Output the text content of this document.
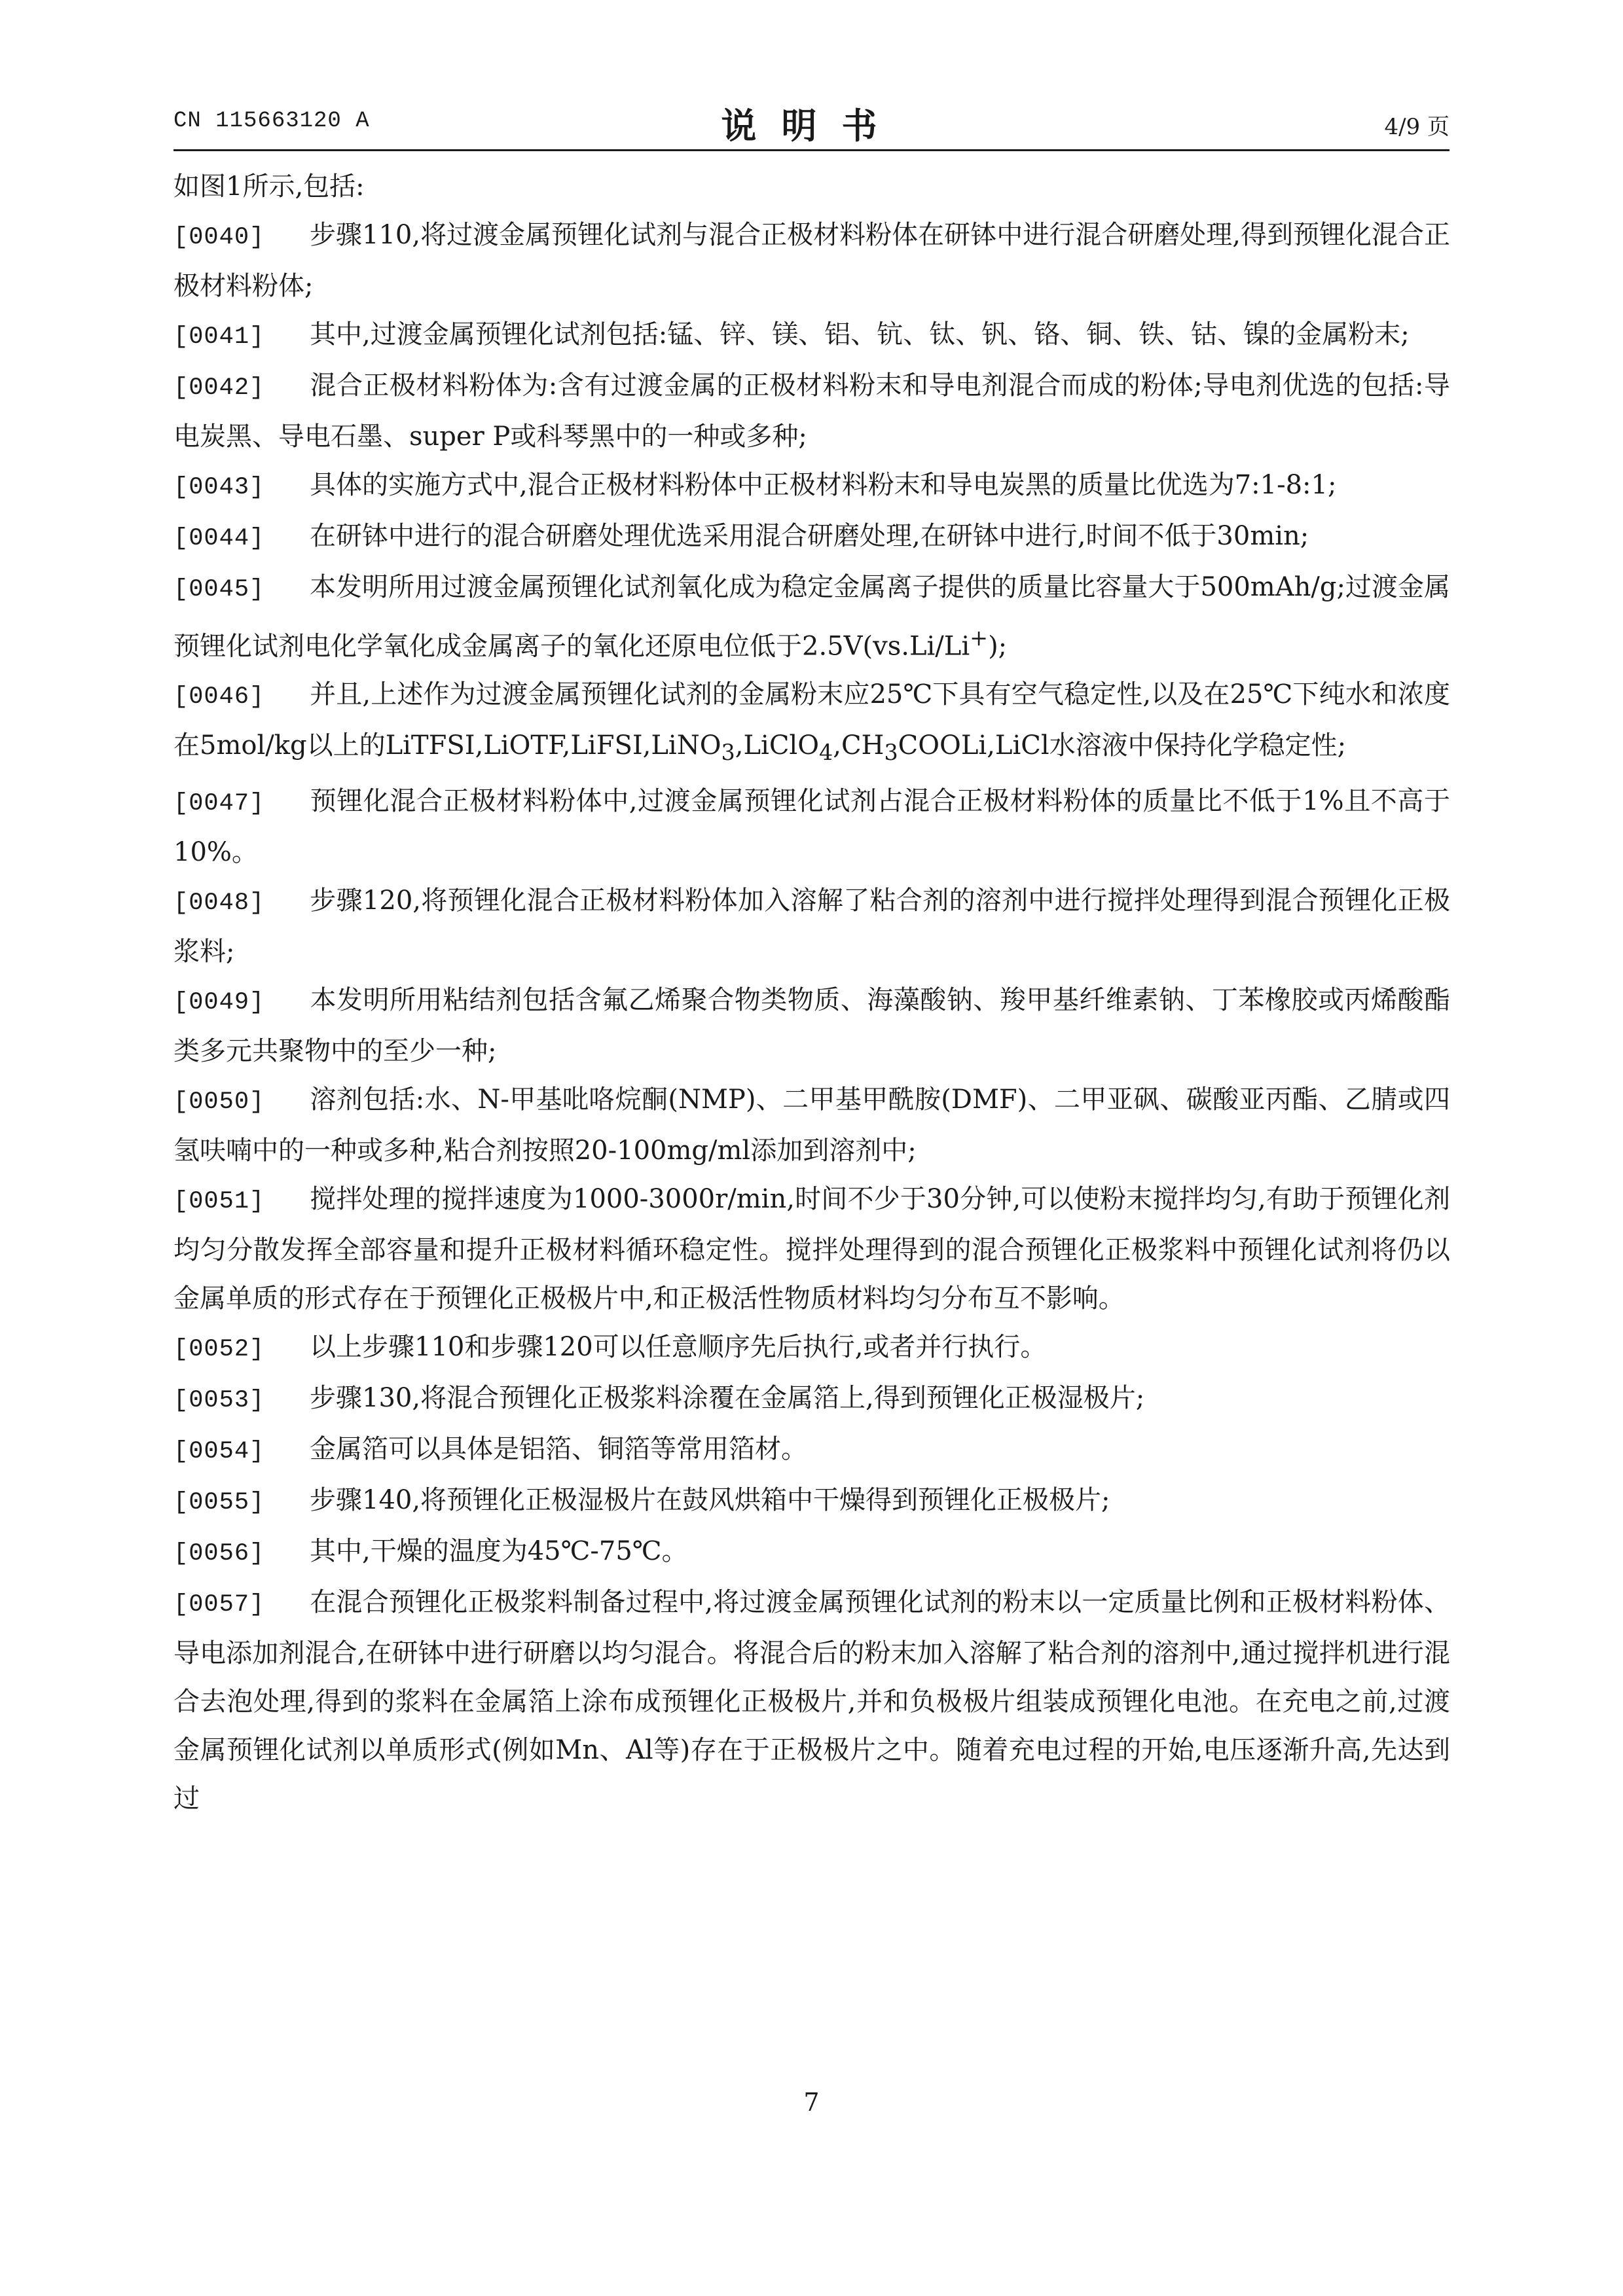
CN 115663120 A	说明书	4/9 页

如图1所示,包括:

[0040] 步骤110,将过渡金属预锂化试剂与混合正极材料粉体在研钵中进行混合研磨处理,得到预锂化混合正极材料粉体;

[0041] 其中,过渡金属预锂化试剂包括:锰、锌、镁、铝、钪、钛、钒、铬、铜、铁、钴、镍的金属粉末;

[0042] 混合正极材料粉体为:含有过渡金属的正极材料粉末和导电剂混合而成的粉体;导电剂优选的包括:导电炭黑、导电石墨、super P或科琴黑中的一种或多种;

[0043] 具体的实施方式中,混合正极材料粉体中正极材料粉末和导电炭黑的质量比优选为7:1-8:1;

[0044] 在研钵中进行的混合研磨处理优选采用混合研磨处理,在研钵中进行,时间不低于30min;

[0045] 本发明所用过渡金属预锂化试剂氧化成为稳定金属离子提供的质量比容量大于500mAh/g;过渡金属预锂化试剂电化学氧化成金属离子的氧化还原电位低于2.5V(vs.Li/Li+);

[0046] 并且,上述作为过渡金属预锂化试剂的金属粉末应25℃下具有空气稳定性,以及在25℃下纯水和浓度在5mol/kg以上的$LiTFSI,LiOTF,LiFSI,LiNO_3,LiClO_4,CH_3COOLi,LiCl$水溶液中保持化学稳定性;

[0047] 预锂化混合正极材料粉体中,过渡金属预锂化试剂占混合正极材料粉体的质量比不低于1%且不高于10%。

[0048] 步骤120,将预锂化混合正极材料粉体加入溶解了粘合剂的溶剂中进行搅拌处理得到混合预锂化正极浆料;

[0049] 本发明所用粘结剂包括含氟乙烯聚合物类物质、海藻酸钠、羧甲基纤维素钠、丁苯橡胶或丙烯酸酯类多元共聚物中的至少一种;

[0050] 溶剂包括:水、N-甲基吡咯烷酮(NMP)、二甲基甲酰胺(DMF)、二甲亚砜、碳酸亚丙酯、乙腈或四氢呋喃中的一种或多种,粘合剂按照20-100mg/ml添加到溶剂中;

[0051] 搅拌处理的搅拌速度为1000-3000r/min,时间不少于30分钟,可以使粉末搅拌均匀,有助于预锂化剂均匀分散发挥全部容量和提升正极材料循环稳定性。搅拌处理得到的混合预锂化正极浆料中预锂化试剂将仍以金属单质的形式存在于预锂化正极极片中,和正极活性物质材料均匀分布互不影响。

[0052] 以上步骤110和步骤120可以任意顺序先后执行,或者并行执行。

[0053] 步骤130,将混合预锂化正极浆料涂覆在金属箔上,得到预锂化正极湿极片;

[0054] 金属箔可以具体是铝箔、铜箔等常用箔材。

[0055] 步骤140,将预锂化正极湿极片在鼓风烘箱中干燥得到预锂化正极极片;

[0056] 其中,干燥的温度为45℃-75℃。

[0057] 在混合预锂化正极浆料制备过程中,将过渡金属预锂化试剂的粉末以一定质量比例和正极材料粉体、导电添加剂混合,在研钵中进行研磨以均匀混合。将混合后的粉末加入溶解了粘合剂的溶剂中,通过搅拌机进行混合去泡处理,得到的浆料在金属箔上涂布成预锂化正极极片,并和负极极片组装成预锂化电池。在充电之前,过渡金属预锂化试剂以单质形式(例如Mn、Al等)存在于正极极片之中。随着充电过程的开始,电压逐渐升高,先达到过

7
